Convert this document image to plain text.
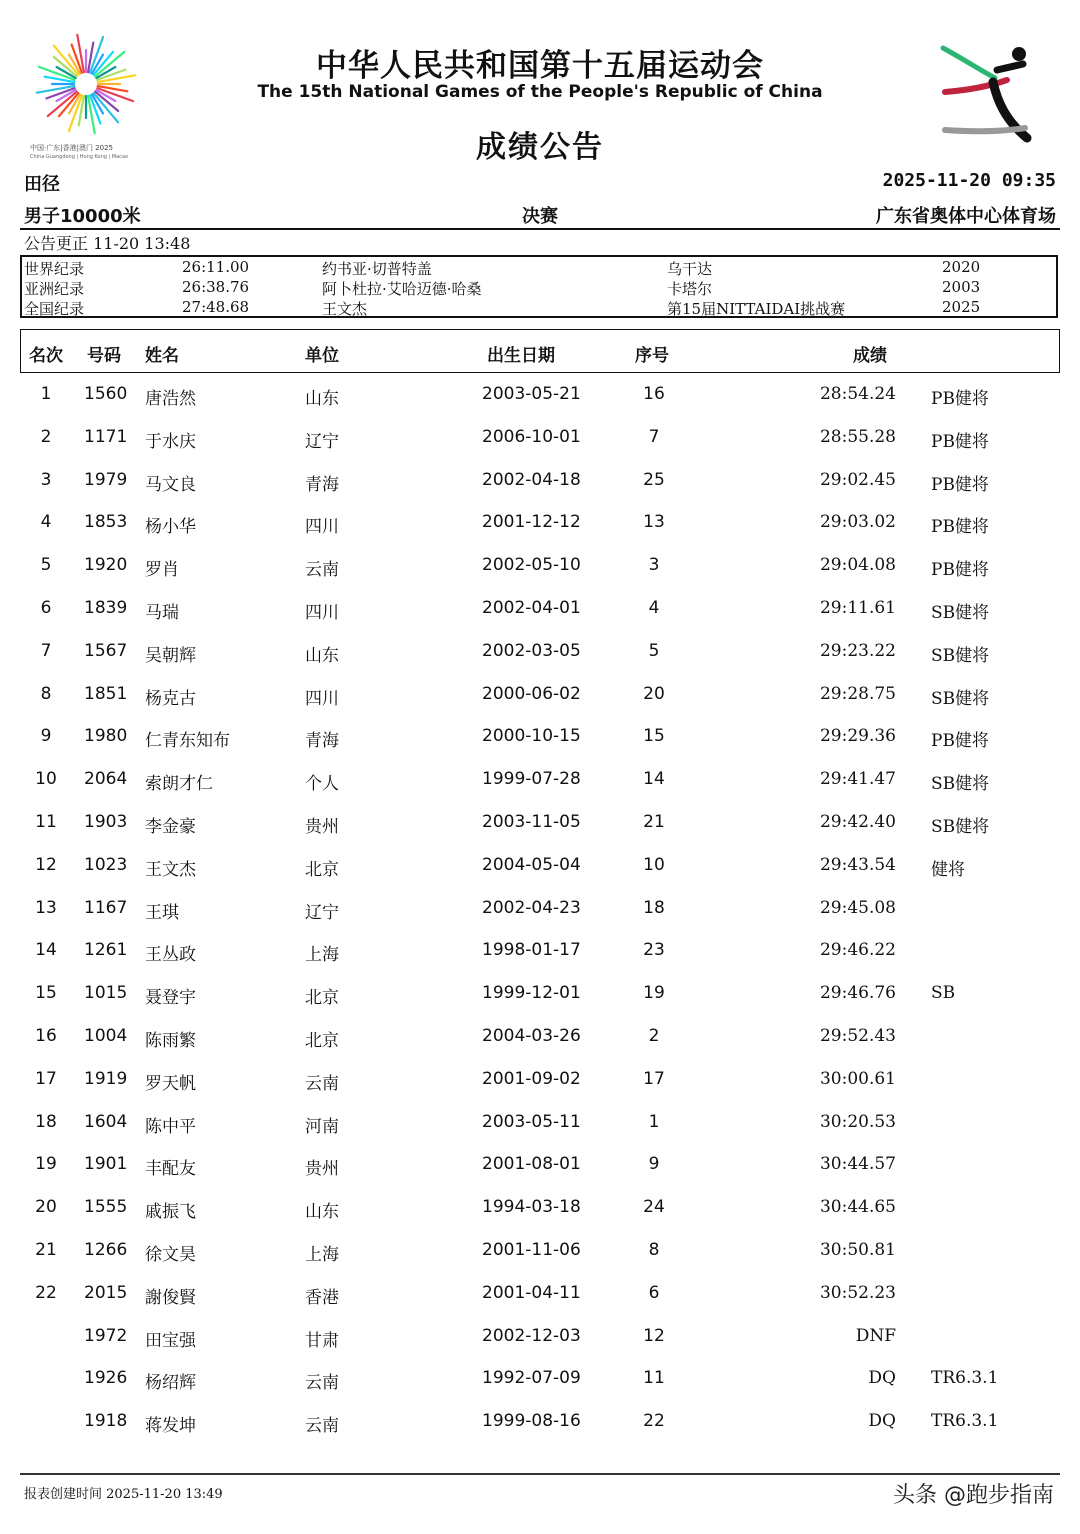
中国·广东|香港|澳门 2025
China·Guangdong | Hong Kong | Macao
中华人民共和国第十五届运动会
The 15th National Games of the People's Republic of China
成绩公告
田径	2025-11-20 09:35
男子10000米	决赛	广东省奥体中心体育场
公告更正 11-20 13:48
世界纪录	26:11.00	约书亚·切普特盖	乌干达	2020
亚洲纪录	26:38.76	阿卜杜拉·艾哈迈德·哈桑	卡塔尔	2003
全国纪录	27:48.68	王文杰	第15届NITTAIDAI挑战赛	2025
名次 号码 姓名	单位	出生日期	序号	成绩
1	1560 唐浩然	山东	2003-05-21	16	28:54.24 PB健将
2	1171 于水庆	辽宁	2006-10-01	7	28:55.28 PB健将
3	1979 马文良	青海	2002-04-18	25	29:02.45 PB健将
4	1853 杨小华	四川	2001-12-12	13	29:03.02 PB健将
5	1920 罗肖	云南	2002-05-10	3	29:04.08 PB健将
6	1839 马瑞	四川	2002-04-01	4	29:11.61 SB健将
7	1567 吴朝辉	山东	2002-03-05	5	29:23.22 SB健将
8	1851 杨克古	四川	2000-06-02	20	29:28.75 SB健将
9	1980 仁青东知布	青海	2000-10-15	15	29:29.36 PB健将
10	2064 索朗才仁	个人	1999-07-28	14	29:41.47 SB健将
11	1903 李金豪	贵州	2003-11-05	21	29:42.40 SB健将
12	1023 王文杰	北京	2004-05-04	10	29:43.54 健将
13	1167 王琪	辽宁	2002-04-23	18	29:45.08
14	1261 王丛政	上海	1998-01-17	23	29:46.22
15	1015 聂登宇	北京	1999-12-01	19	29:46.76 SB
16	1004 陈雨繁	北京	2004-03-26	2	29:52.43
17	1919 罗天帆	云南	2001-09-02	17	30:00.61
18	1604 陈中平	河南	2003-05-11	1	30:20.53
19	1901 丰配友	贵州	2001-08-01	9	30:44.57
20	1555 戚振飞	山东	1994-03-18	24	30:44.65
21	1266 徐文昊	上海	2001-11-06	8	30:50.81
22	2015 謝俊賢	香港	2001-04-11	6	30:52.23
1972 田宝强	甘肃	2002-12-03	12	DNF
1926 杨绍辉	云南	1992-07-09	11	DQ TR6.3.1
1918 蒋发坤	云南	1999-08-16	22	DQ TR6.3.1
报表创建时间 2025-11-20 13:49	头条 @跑步指南
